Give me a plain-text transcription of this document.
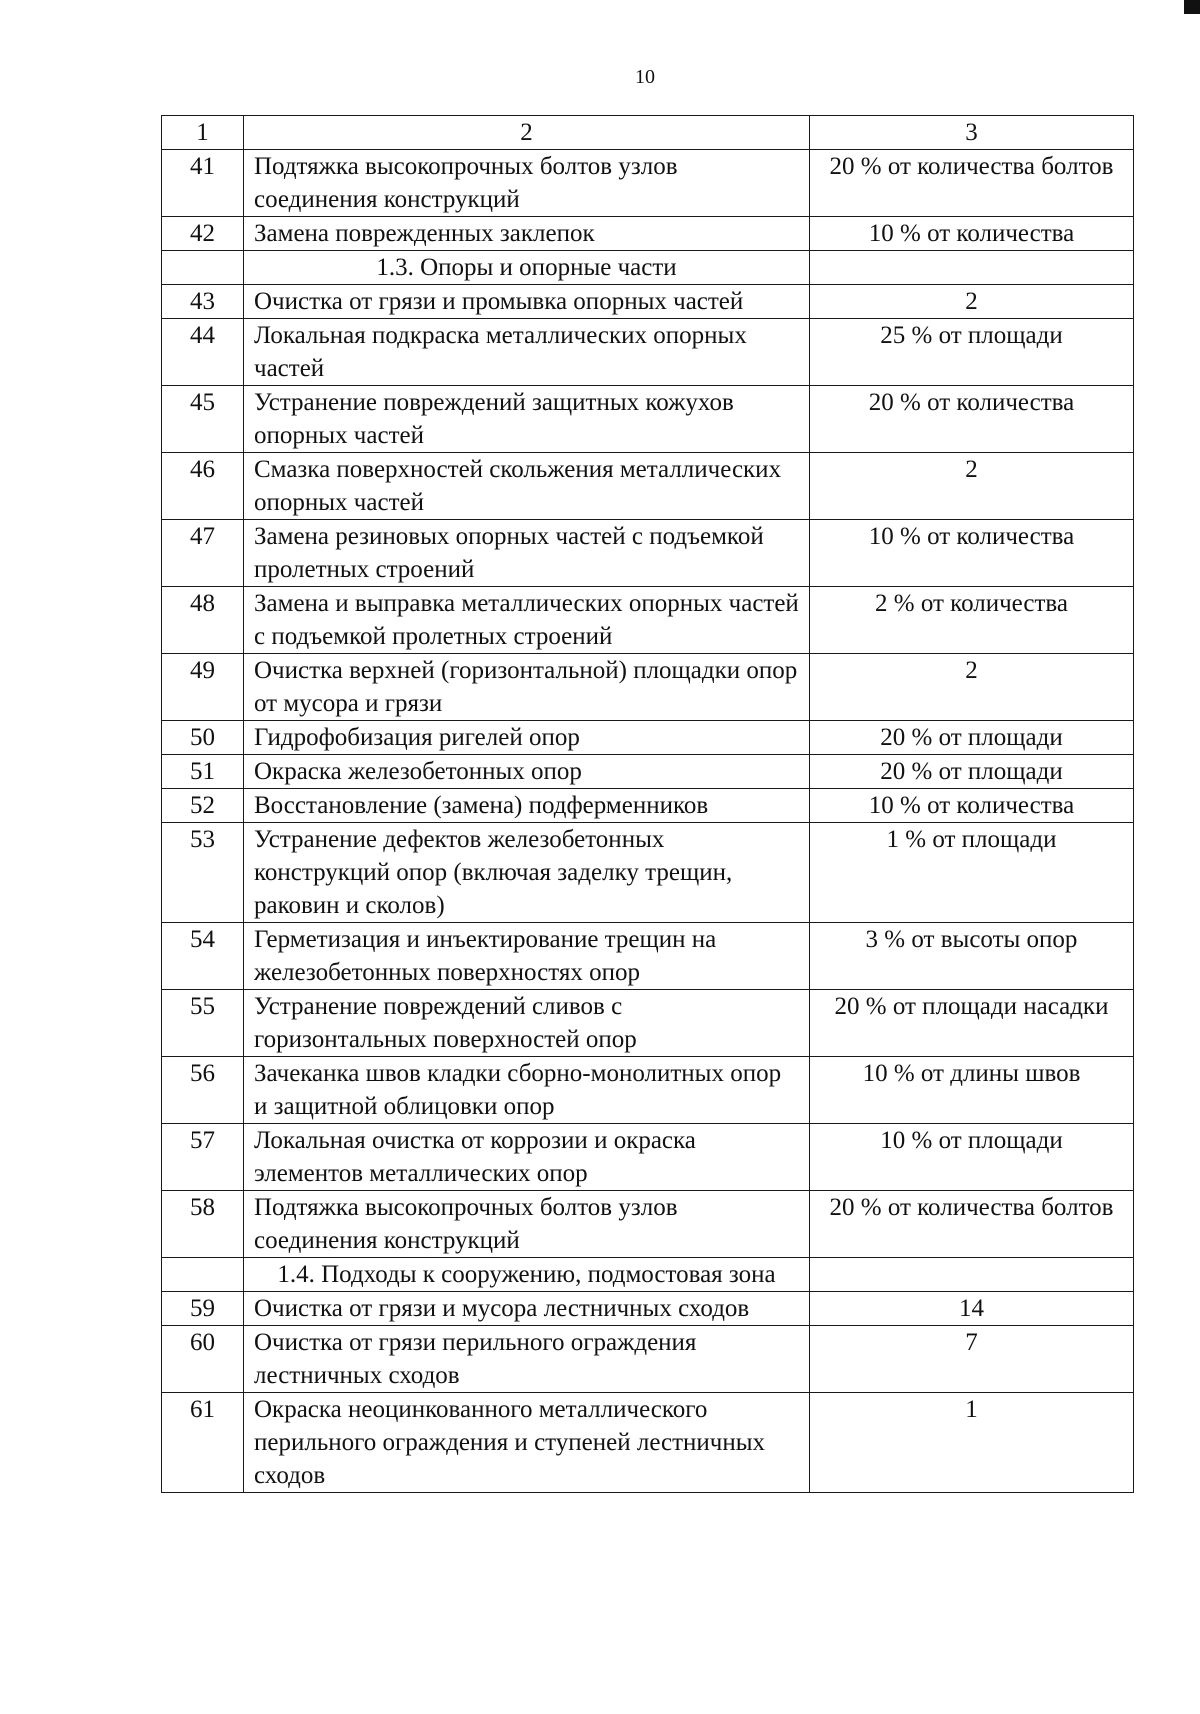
10
1	2	3
41	Подтяжка высокопрочных болтов узлов соединения конструкций	20 % от количества болтов
42	Замена поврежденных заклепок	10 % от количества
	1.3. Опоры и опорные части	
43	Очистка от грязи и промывка опорных частей	2
44	Локальная подкраска металлических опорных частей	25 % от площади
45	Устранение повреждений защитных кожухов опорных частей	20 % от количества
46	Смазка поверхностей скольжения металлических опорных частей	2
47	Замена резиновых опорных частей с подъемкой пролетных строений	10 % от количества
48	Замена и выправка металлических опорных частей с подъемкой пролетных строений	2 % от количества
49	Очистка верхней (горизонтальной) площадки опор от мусора и грязи	2
50	Гидрофобизация ригелей опор	20 % от площади
51	Окраска железобетонных опор	20 % от площади
52	Восстановление (замена) подферменников	10 % от количества
53	Устранение дефектов железобетонных конструкций опор (включая заделку трещин, раковин и сколов)	1 % от площади
54	Герметизация и инъектирование трещин на железобетонных поверхностях опор	3 % от высоты опор
55	Устранение повреждений сливов с горизонтальных поверхностей опор	20 % от площади насадки
56	Зачеканка швов кладки сборно-монолитных опор и защитной облицовки опор	10 % от длины швов
57	Локальная очистка от коррозии и окраска элементов металлических опор	10 % от площади
58	Подтяжка высокопрочных болтов узлов соединения конструкций	20 % от количества болтов
	1.4. Подходы к сооружению, подмостовая зона	
59	Очистка от грязи и мусора лестничных сходов	14
60	Очистка от грязи перильного ограждения лестничных сходов	7
61	Окраска неоцинкованного металлического перильного ограждения и ступеней лестничных сходов	1
